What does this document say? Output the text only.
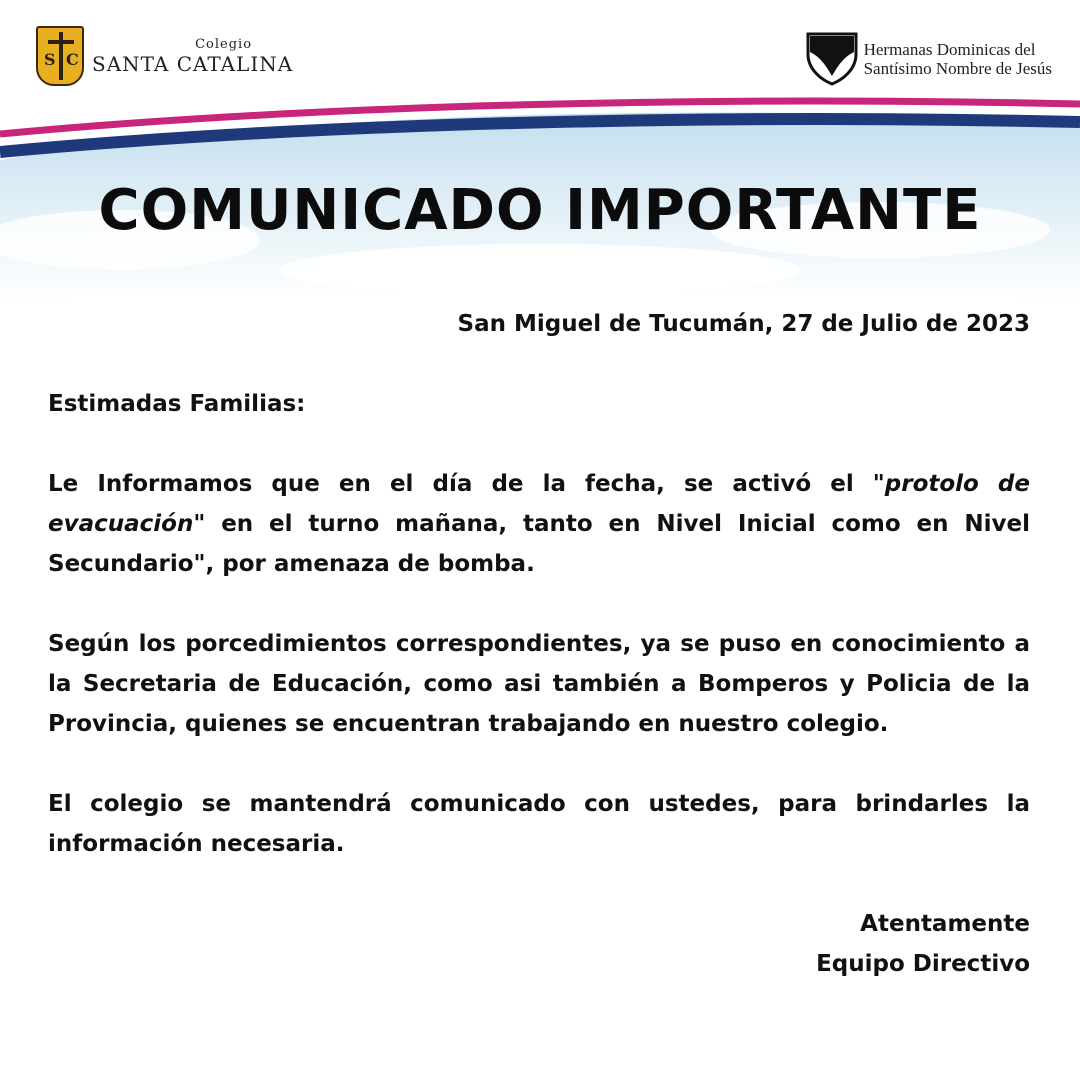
S C
Colegio
SANTA CATALINA
Hermanas Dominicas del
Santísimo Nombre de Jesús
COMUNICADO IMPORTANTE

San Miguel de Tucumán, 27 de Julio de 2023

Estimadas Familias:

Le Informamos que en el día de la fecha, se activó el "protolo de evacuación" en el turno mañana, tanto en Nivel Inicial como en Nivel Secundario", por amenaza de bomba.

Según los porcedimientos correspondientes, ya se puso en conocimiento a la Secretaria de Educación, como asi también a Bomperos y Policia de la Provincia, quienes se encuentran trabajando en nuestro colegio.

El colegio se mantendrá comunicado con ustedes, para brindarles la información necesaria.

Atentamente

Equipo Directivo
